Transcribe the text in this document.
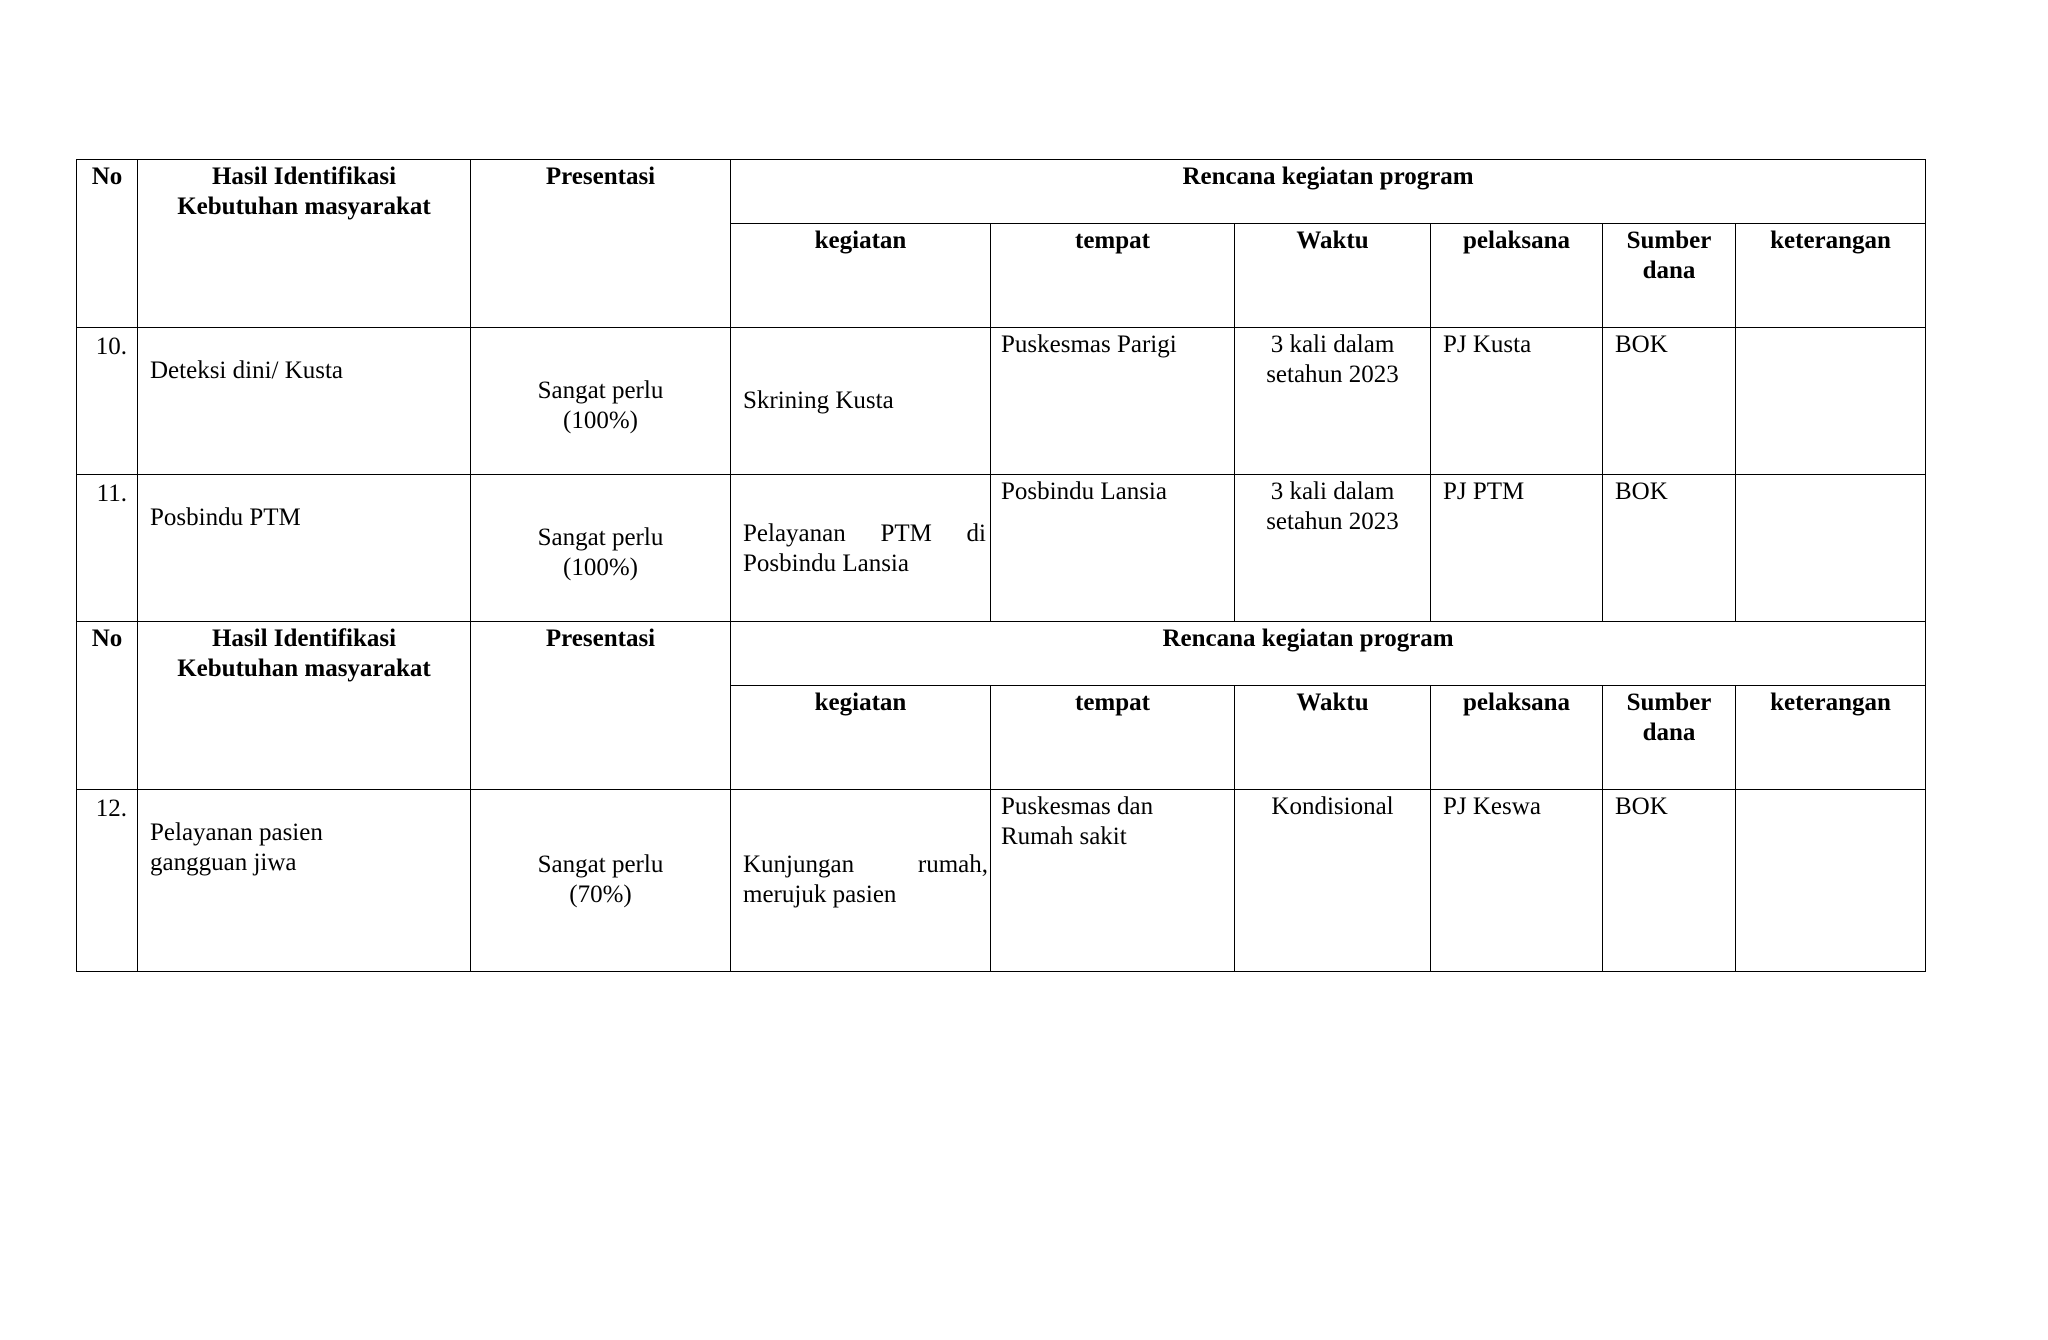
No	Hasil Identifikasi Kebutuhan masyarakat	Presentasi	Rencana kegiatan program					
			kegiatan	tempat	Waktu	pelaksana	Sumber dana	keterangan
10.	Deteksi dini/ Kusta	Sangat perlu (100%)	Skrining Kusta	Puskesmas Parigi	3 kali dalam setahun 2023	PJ Kusta	BOK	
11.	Posbindu PTM	Sangat perlu (100%)	Pelayanan PTM di Posbindu Lansia	Posbindu Lansia	3 kali dalam setahun 2023	PJ PTM	BOK	
No	Hasil Identifikasi Kebutuhan masyarakat	Presentasi	Rencana kegiatan program					
			kegiatan	tempat	Waktu	pelaksana	Sumber dana	keterangan
12.	Pelayanan pasien gangguan jiwa	Sangat perlu (70%)	Kunjungan rumah, merujuk pasien	Puskesmas dan Rumah sakit	Kondisional	PJ Keswa	BOK	
